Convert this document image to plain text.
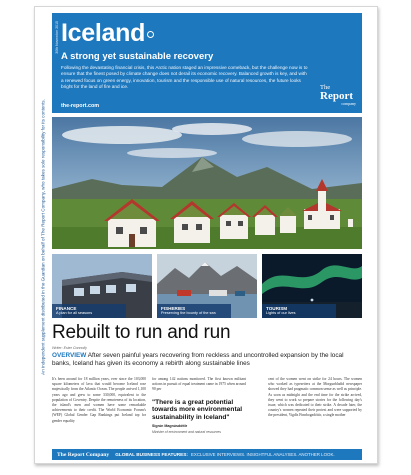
An independent supplement distributed in the Guardian on behalf of The Report Company, who takes sole responsibility for its contents.
30th November 2015 Iceland
A strong yet sustainable recovery
Following the devastating financial crisis, this Arctic nation staged an impressive comeback, but the challenge now is to ensure that the finest posed by climate change does not derail its economic recovery. Balanced growth is key, and with a renewed focus on green energy, innovation, tourism and the responsible use of natural resources, the future looks bright for the land of fire and ice.
the-report.com
The
Report
company
FINANCE
A plan for all seasons
FISHERIES
Preserving the bounty of the sea
TOURISM
Lights of our lives
Rebuilt to run and run
Writer: Ester Connolly
OVERVIEW After seven painful years recovering from reckless and uncontrolled expansion by the local banks, Iceland has given its economy a rebirth along sustainable lines
It's been around for 18 million years, ever since the 103,000 square kilometers of lava that would become Iceland rose majestically from the Atlantic Ocean. The people arrived 1,100 years ago and grew to some 330,000, equivalent to the population of Coventry. Despite the remoteness of its location, the island's men and women have some remarkable achievements to their credit. The World Economic Forum's (WEF) Global Gender Gap Rankings put Iceland top for gender equality
for among 142 nations monitored. The first known militant actions in pursuit of equal treatment came in 1975 when around 90 per
"There is a great potential towards more environmental sustainability in Iceland"
Sigrún Magnúsdóttir
Minister of environment and natural resources
cent of the women went on strike for 24 hours. The women who worked as typesetters at the Morgunbladid newspaper showed they had pragmatic common sense as well as principle. As soon as midnight and the end time for the strike arrived, they went to work so prepare stories for the following day's issue, which was dedicated to their strike. A decade later, the country's women repeated their protest and were supported by the president, Vigdís Finnbogadóttir, a single mother
The Report Company GLOBAL BUSINESS FEATURES: EXCLUSIVE INTERVIEWS. INSIGHTFUL ANALYSES. ANOTHER LOOK.
